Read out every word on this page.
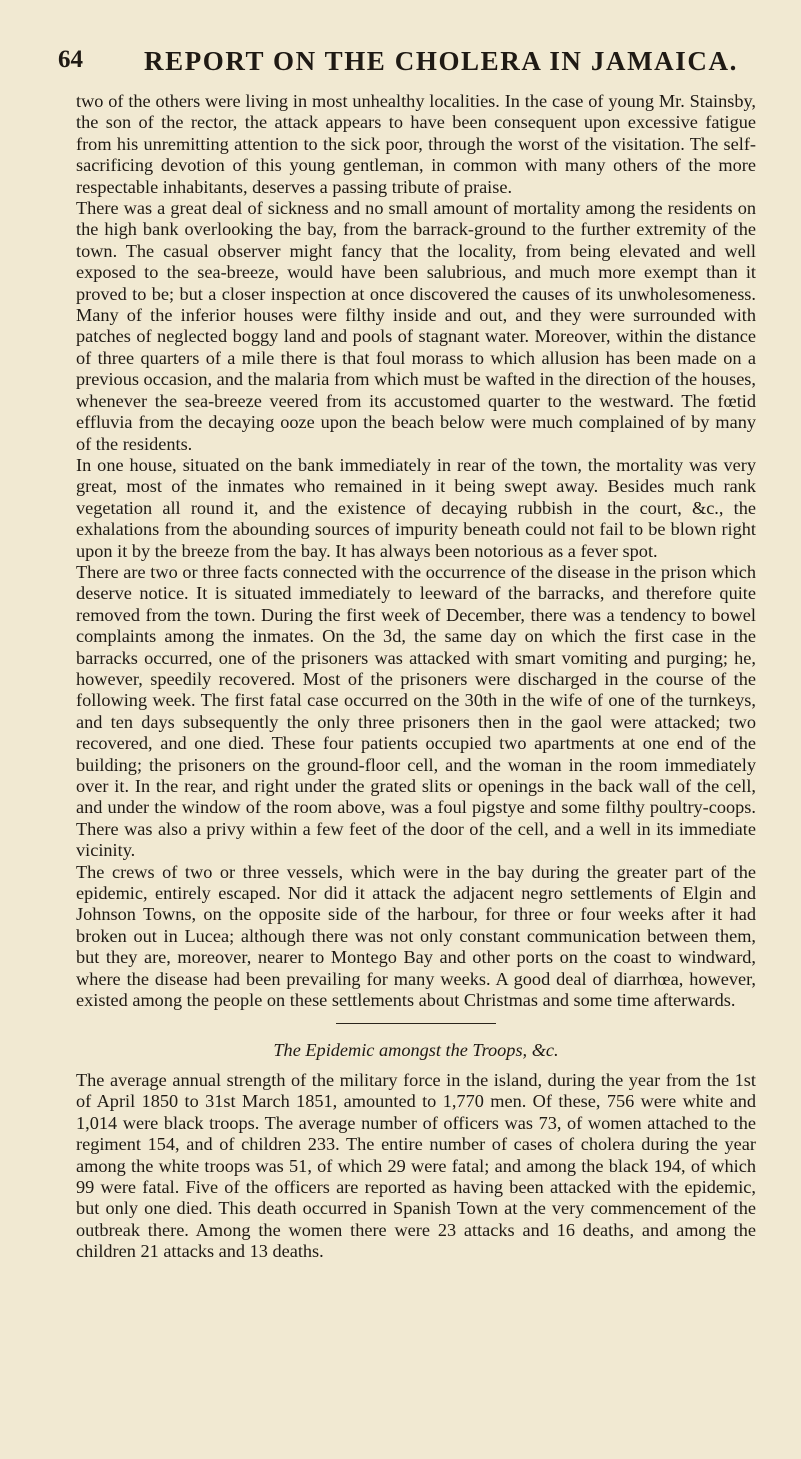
64 REPORT ON THE CHOLERA IN JAMAICA.

two of the others were living in most unhealthy localities. In the case of young Mr. Stainsby, the son of the rector, the attack appears to have been consequent upon excessive fatigue from his unremitting attention to the sick poor, through the worst of the visitation. The self-sacrificing devotion of this young gentleman, in common with many others of the more respectable inhabitants, deserves a passing tribute of praise.

There was a great deal of sickness and no small amount of mortality among the residents on the high bank overlooking the bay, from the barrack-ground to the further extremity of the town. The casual observer might fancy that the locality, from being elevated and well exposed to the sea-breeze, would have been salubrious, and much more exempt than it proved to be; but a closer inspection at once discovered the causes of its unwholesomeness. Many of the inferior houses were filthy inside and out, and they were surrounded with patches of neglected boggy land and pools of stagnant water. Moreover, within the distance of three quarters of a mile there is that foul morass to which allusion has been made on a previous occasion, and the malaria from which must be wafted in the direction of the houses, whenever the sea-breeze veered from its accustomed quarter to the westward. The fœtid effluvia from the decaying ooze upon the beach below were much complained of by many of the residents.

In one house, situated on the bank immediately in rear of the town, the mortality was very great, most of the inmates who remained in it being swept away. Besides much rank vegetation all round it, and the existence of decaying rubbish in the court, &c., the exhalations from the abounding sources of impurity beneath could not fail to be blown right upon it by the breeze from the bay. It has always been notorious as a fever spot.

There are two or three facts connected with the occurrence of the disease in the prison which deserve notice. It is situated immediately to leeward of the barracks, and therefore quite removed from the town. During the first week of December, there was a tendency to bowel complaints among the inmates. On the 3d, the same day on which the first case in the barracks occurred, one of the prisoners was attacked with smart vomiting and purging; he, however, speedily recovered. Most of the prisoners were discharged in the course of the following week. The first fatal case occurred on the 30th in the wife of one of the turnkeys, and ten days subsequently the only three prisoners then in the gaol were attacked; two recovered, and one died. These four patients occupied two apartments at one end of the building; the prisoners on the ground-floor cell, and the woman in the room immediately over it. In the rear, and right under the grated slits or openings in the back wall of the cell, and under the window of the room above, was a foul pigstye and some filthy poultry-coops. There was also a privy within a few feet of the door of the cell, and a well in its immediate vicinity.

The crews of two or three vessels, which were in the bay during the greater part of the epidemic, entirely escaped. Nor did it attack the adjacent negro settlements of Elgin and Johnson Towns, on the opposite side of the harbour, for three or four weeks after it had broken out in Lucea; although there was not only constant communication between them, but they are, moreover, nearer to Montego Bay and other ports on the coast to windward, where the disease had been prevailing for many weeks. A good deal of diarrhœa, however, existed among the people on these settlements about Christmas and some time afterwards.

The Epidemic amongst the Troops, &c.

The average annual strength of the military force in the island, during the year from the 1st of April 1850 to 31st March 1851, amounted to 1,770 men. Of these, 756 were white and 1,014 were black troops. The average number of officers was 73, of women attached to the regiment 154, and of children 233. The entire number of cases of cholera during the year among the white troops was 51, of which 29 were fatal; and among the black 194, of which 99 were fatal. Five of the officers are reported as having been attacked with the epidemic, but only one died. This death occurred in Spanish Town at the very commencement of the outbreak there. Among the women there were 23 attacks and 16 deaths, and among the children 21 attacks and 13 deaths.
